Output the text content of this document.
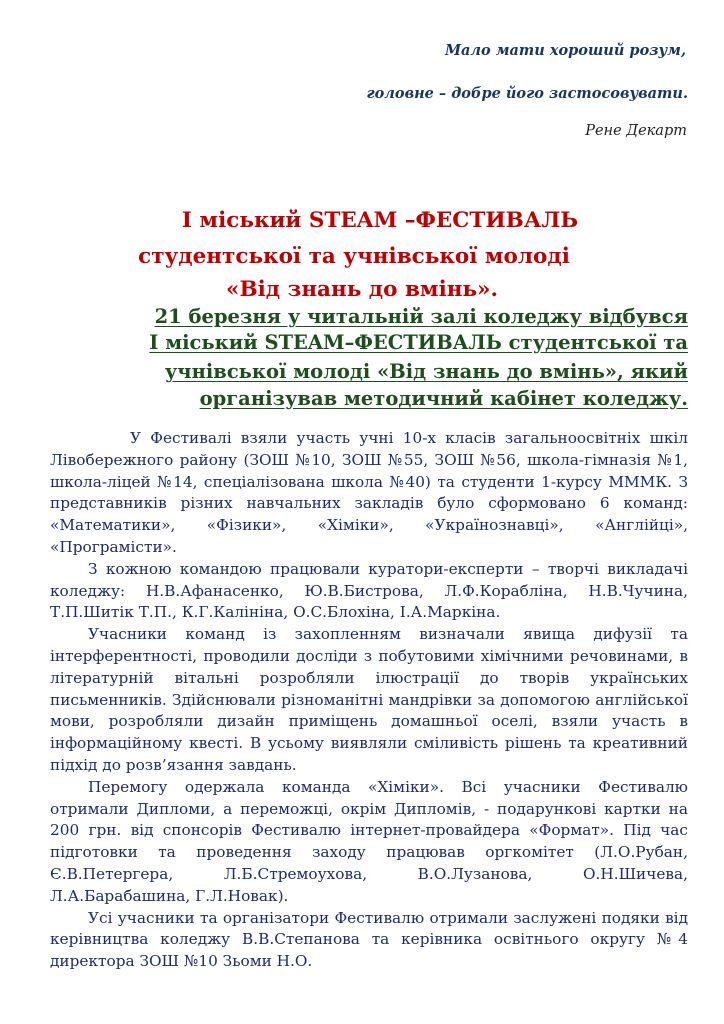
Мало мати хороший розум,
головне – добре його застосовувати.
Рене Декарт
І міський STEAM –ФЕСТИВАЛЬ
студентської та учнівської молоді
«Від знань до вмінь».
21 березня у читальній залі коледжу відбувся
І міський STEAM–ФЕСТИВАЛЬ студентської та
учнівської молоді «Від знань до вмінь», який
організував методичний кабінет коледжу.

У Фестивалі взяли участь учні 10-х класів загальноосвітніх шкіл Лівобережного району (ЗОШ №10, ЗОШ №55, ЗОШ №56, школа-гімназія №1, школа-ліцей №14, спеціалізована школа №40) та студенти 1-курсу МММК. З представників різних навчальних закладів було сформовано 6 команд: «Математики», «Фізики», «Хіміки», «Українознавці», «Англійці», «Програмісти».

З кожною командою працювали куратори-експерти – творчі викладачі коледжу: Н.В.Афанасенко, Ю.В.Бистрова, Л.Ф.Корабліна, Н.В.Чучина, Т.П.Шитік Т.П., К.Г.Калініна, О.С.Блохіна, І.А.Маркіна.

Учасники команд із захопленням визначали явища дифузії та інтерферентності, проводили досліди з побутовими хімічними речовинами, в літературній вітальні розробляли ілюстрації до творів українських письменників. Здійснювали різноманітні мандрівки за допомогою англійської мови, розробляли дизайн приміщень домашньої оселі, взяли участь в інформаційному квесті. В усьому виявляли сміливість рішень та креативний підхід до розв’язання завдань.

Перемогу одержала команда «Хіміки». Всі учасники Фестивалю отримали Дипломи, а переможці, окрім Дипломів, - подарункові картки на 200 грн. від спонсорів Фестивалю інтернет-провайдера «Формат». Під час підготовки та проведення заходу працював оргкомітет (Л.О.Рубан, Є.В.Петергера, Л.Б.Стремоухова, В.О.Лузанова, О.Н.Шичева, Л.А.Барабашина, Г.Л.Новак).

Усі учасники та організатори Фестивалю отримали заслужені подяки від керівництва коледжу В.В.Степанова та керівника освітнього округу №4 директора ЗОШ №10 Зьоми Н.О.
